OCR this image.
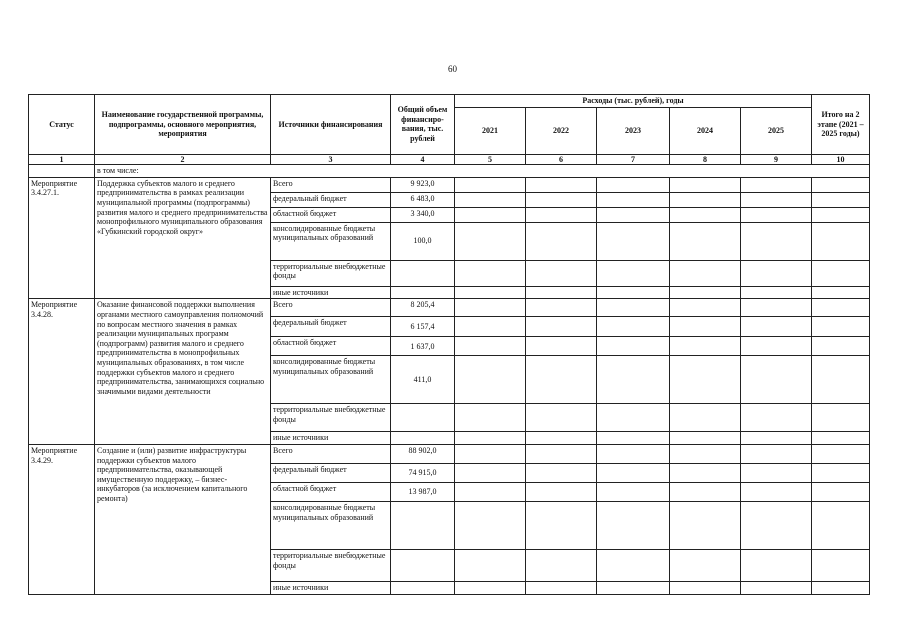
60
Статус	Наименование государственной программы, подпрограммы, основного мероприятия, мероприятия	Источники финансирования	Общий объем финансиро-вания, тыс. рублей	Расходы (тыс. рублей), годы					Итого на 2 этапе (2021 – 2025 годы)
				2021	2022	2023	2024	2025	
1	2	3	4	5	6	7	8	9	10
	в том числе:								
Мероприятие 3.4.27.1.	Поддержка субъектов малого и среднего предпринимательства в рамках реализации муниципальной программы (подпрограммы) развития малого и среднего предпринимательства монопрофильного муниципального образования «Губкинский городской округ»	Всего	9 923,0						
		федеральный бюджет	6 483,0						
		областной бюджет	3 340,0						
		консолидированные бюджеты муниципальных образований	100,0						
		территориальные внебюджетные фонды							
		иные источники							
Мероприятие 3.4.28.	Оказание финансовой поддержки выполнения органами местного самоуправления полномочий по вопросам местного значения в рамках реализации муниципальных программ (подпрограмм) развития малого и среднего предпринимательства в монопрофильных муниципальных образованиях, в том числе поддержки субъектов малого и среднего предпринимательства, занимающихся социально значимыми видами деятельности	Всего	8 205,4						
		федеральный бюджет	6 157,4						
		областной бюджет	1 637,0						
		консолидированные бюджеты муниципальных образований	411,0						
		территориальные внебюджетные фонды							
		иные источники							
Мероприятие 3.4.29.	Создание и (или) развитие инфраструктуры поддержки субъектов малого предпринимательства, оказывающей имущественную поддержку, – бизнес-инкубаторов (за исключением капитального ремонта)	Всего	88 902,0						
		федеральный бюджет	74 915,0						
		областной бюджет	13 987,0						
		консолидированные бюджеты муниципальных образований							
		территориальные внебюджетные фонды							
		иные источники							
